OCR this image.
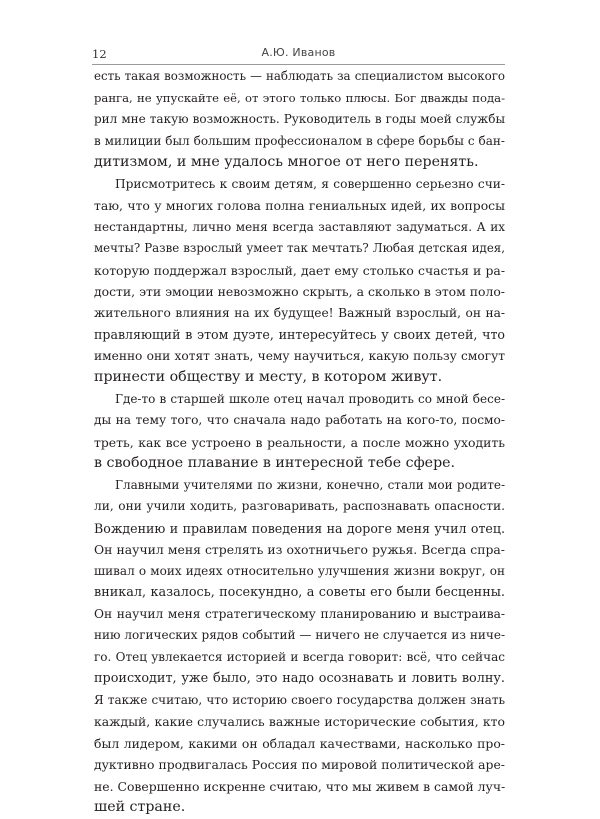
12	А.Ю. Иванов

есть такая возможность — наблюдать за специалистом высокого
ранга, не упускайте её, от этого только плюсы. Бог дважды пода-
рил мне такую возможность. Руководитель в годы моей службы
в милиции был большим профессионалом в сфере борьбы с бан-
дитизмом, и мне удалось многое от него перенять.

Присмотритесь к своим детям, я совершенно серьезно счи-
таю, что у многих голова полна гениальных идей, их вопросы
нестандартны, лично меня всегда заставляют задуматься. А их
мечты? Разве взрослый умеет так мечтать? Любая детская идея,
которую поддержал взрослый, дает ему столько счастья и ра-
дости, эти эмоции невозможно скрыть, а сколько в этом поло-
жительного влияния на их будущее! Важный взрослый, он на-
правляющий в этом дуэте, интересуйтесь у своих детей, что
именно они хотят знать, чему научиться, какую пользу смогут
принести обществу и месту, в котором живут.

Где-то в старшей школе отец начал проводить со мной бесе-
ды на тему того, что сначала надо работать на кого-то, посмо-
треть, как все устроено в реальности, а после можно уходить
в свободное плавание в интересной тебе сфере.

Главными учителями по жизни, конечно, стали мои родите-
ли, они учили ходить, разговаривать, распознавать опасности.
Вождению и правилам поведения на дороге меня учил отец.
Он научил меня стрелять из охотничьего ружья. Всегда спра-
шивал о моих идеях относительно улучшения жизни вокруг, он
вникал, казалось, посекундно, а советы его были бесценны.
Он научил меня стратегическому планированию и выстраива-
нию логических рядов событий — ничего не случается из ниче-
го. Отец увлекается историей и всегда говорит: всё, что сейчас
происходит, уже было, это надо осознавать и ловить волну.
Я также считаю, что историю своего государства должен знать
каждый, какие случались важные исторические события, кто
был лидером, какими он обладал качествами, насколько про-
дуктивно продвигалась Россия по мировой политической аре-
не. Совершенно искренне считаю, что мы живем в самой луч-
шей стране.
